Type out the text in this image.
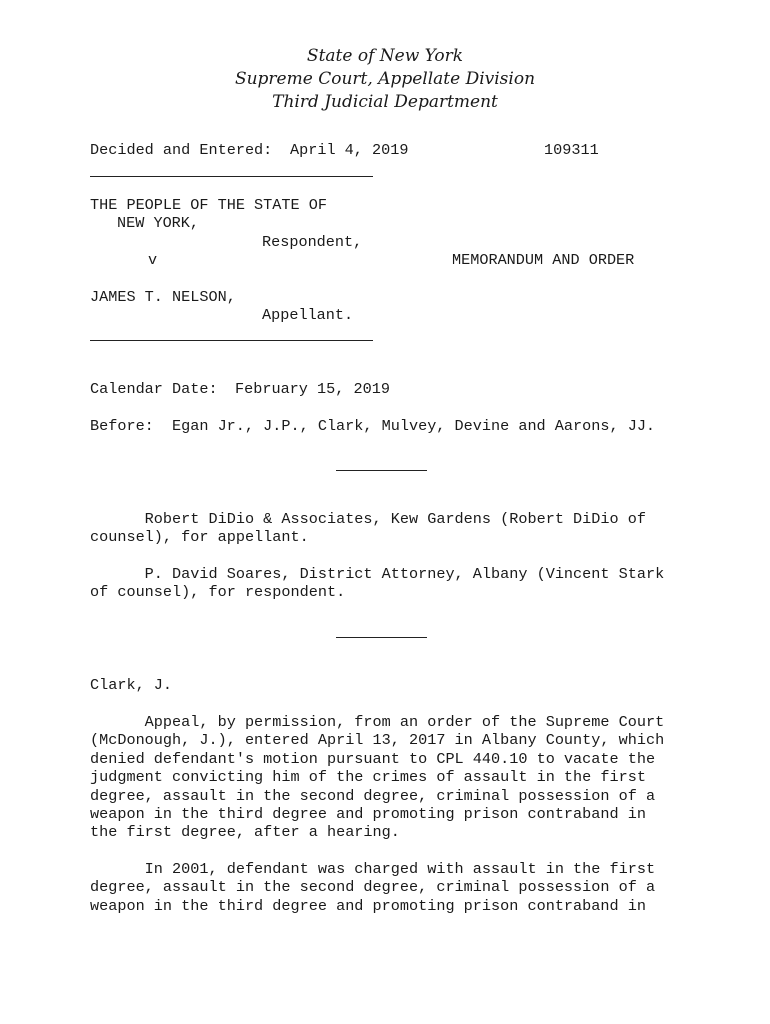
State of New York
Supreme Court, Appellate Division
Third Judicial Department
Decided and Entered: April 4, 2019	109311
THE PEOPLE OF THE STATE OF
NEW YORK,
Respondent,
v	MEMORANDUM AND ORDER
JAMES T. NELSON,
Appellant.
Calendar Date: February 15, 2019
Before: Egan Jr., J.P., Clark, Mulvey, Devine and Aarons, JJ.
Robert DiDio & Associates, Kew Gardens (Robert DiDio of
counsel), for appellant.
P. David Soares, District Attorney, Albany (Vincent Stark
of counsel), for respondent.
Clark, J.
Appeal, by permission, from an order of the Supreme Court
(McDonough, J.), entered April 13, 2017 in Albany County, which
denied defendant's motion pursuant to CPL 440.10 to vacate the
judgment convicting him of the crimes of assault in the first
degree, assault in the second degree, criminal possession of a
weapon in the third degree and promoting prison contraband in
the first degree, after a hearing.
In 2001, defendant was charged with assault in the first
degree, assault in the second degree, criminal possession of a
weapon in the third degree and promoting prison contraband in
